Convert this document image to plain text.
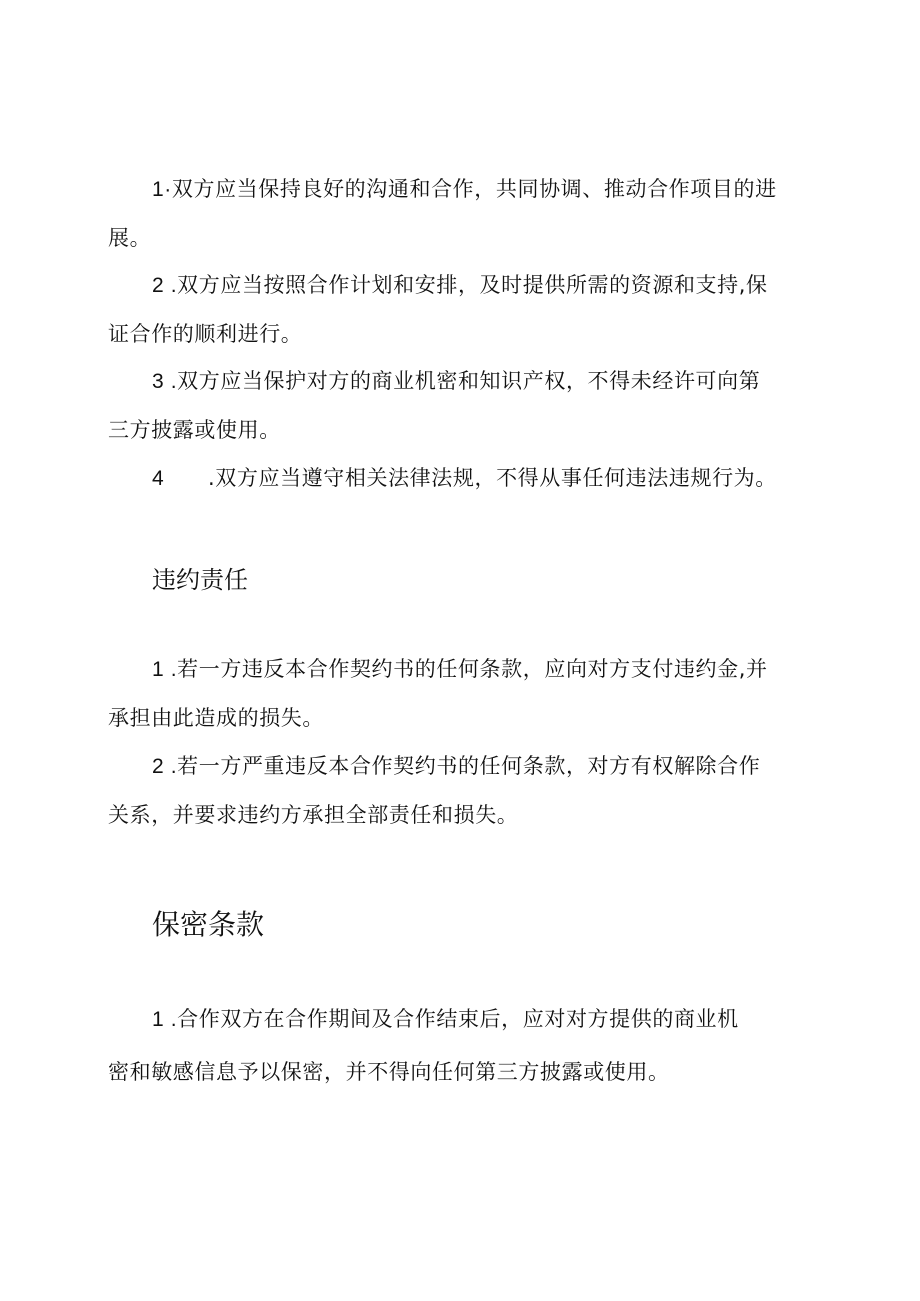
1·双方应当保持良好的沟通和合作，共同协调、推动合作项目的进
展。
2 .双方应当按照合作计划和安排，及时提供所需的资源和支持,保
证合作的顺利进行。
3 .双方应当保护对方的商业机密和知识产权，不得未经许可向第
三方披露或使用。
4 .双方应当遵守相关法律法规，不得从事任何违法违规行为。
违约责任
1 .若一方违反本合作契约书的任何条款，应向对方支付违约金,并
承担由此造成的损失。
2 .若一方严重违反本合作契约书的任何条款，对方有权解除合作
关系，并要求违约方承担全部责任和损失。
保密条款
1 .合作双方在合作期间及合作结束后，应对对方提供的商业机
密和敏感信息予以保密，并不得向任何第三方披露或使用。
